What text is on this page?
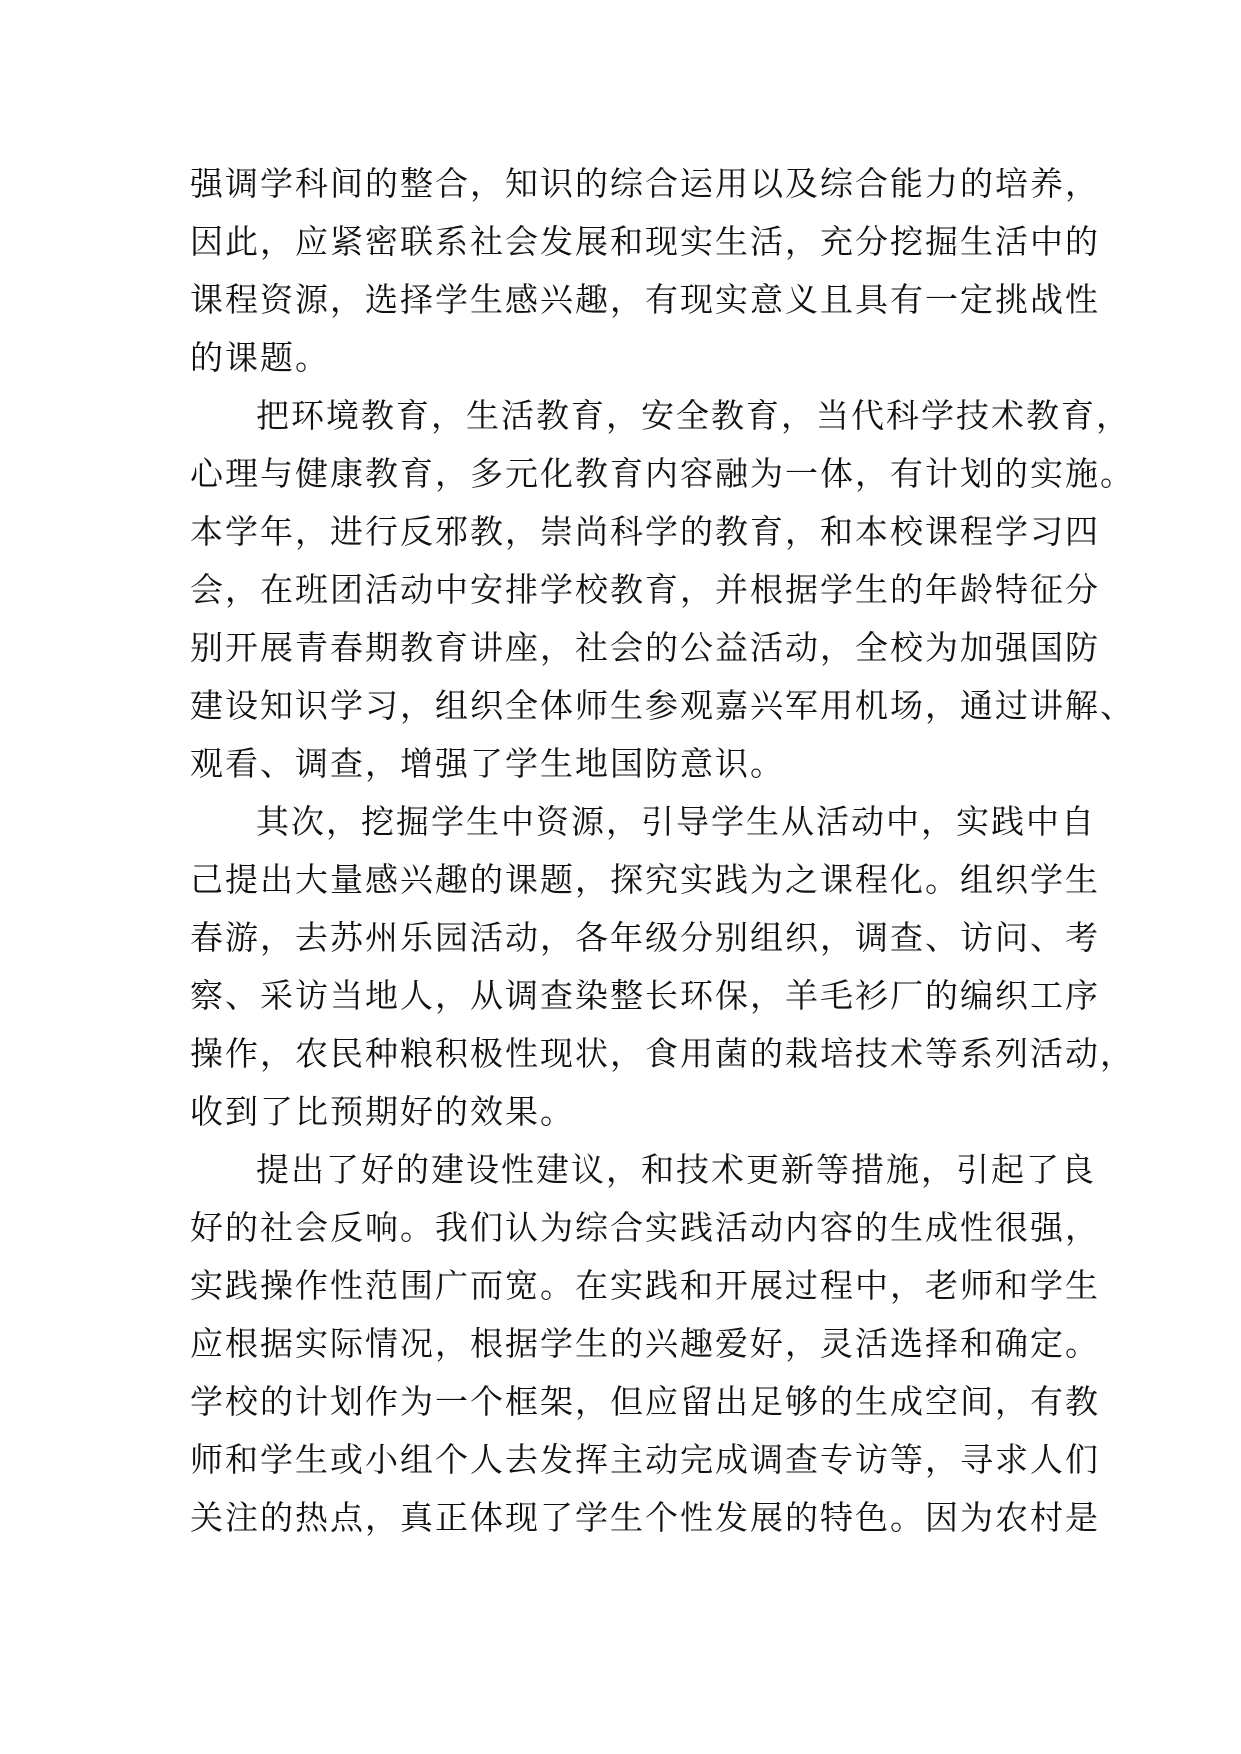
强调学科间的整合，知识的综合运用以及综合能力的培养，
因此，应紧密联系社会发展和现实生活，充分挖掘生活中的
课程资源，选择学生感兴趣，有现实意义且具有一定挑战性
的课题。
把环境教育，生活教育，安全教育，当代科学技术教育，
心理与健康教育，多元化教育内容融为一体，有计划的实施。
本学年，进行反邪教，崇尚科学的教育，和本校课程学习四
会，在班团活动中安排学校教育，并根据学生的年龄特征分
别开展青春期教育讲座，社会的公益活动，全校为加强国防
建设知识学习，组织全体师生参观嘉兴军用机场，通过讲解、
观看、调查，增强了学生地国防意识。
其次，挖掘学生中资源，引导学生从活动中，实践中自
己提出大量感兴趣的课题，探究实践为之课程化。组织学生
春游，去苏州乐园活动，各年级分别组织，调查、访问、考
察、采访当地人，从调查染整长环保，羊毛衫厂的编织工序
操作，农民种粮积极性现状，食用菌的栽培技术等系列活动，
收到了比预期好的效果。
提出了好的建设性建议，和技术更新等措施，引起了良
好的社会反响。我们认为综合实践活动内容的生成性很强，
实践操作性范围广而宽。在实践和开展过程中，老师和学生
应根据实际情况，根据学生的兴趣爱好，灵活选择和确定。
学校的计划作为一个框架，但应留出足够的生成空间，有教
师和学生或小组个人去发挥主动完成调查专访等，寻求人们
关注的热点，真正体现了学生个性发展的特色。因为农村是
